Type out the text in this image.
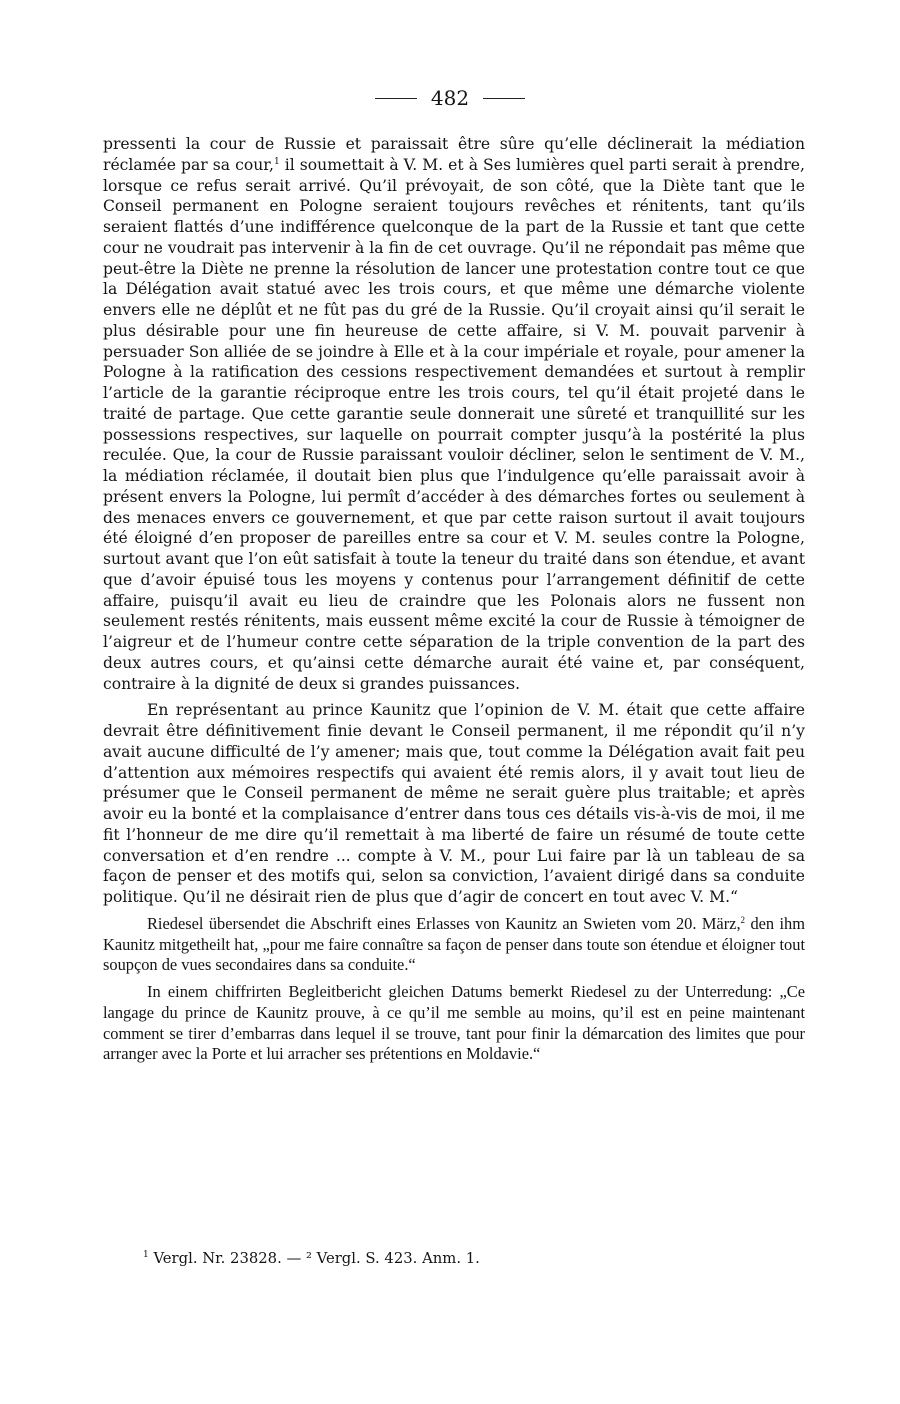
482

pressenti la cour de Russie et paraissait être sûre qu’elle déclinerait la médiation réclamée par sa cour,$^1$ il soumettait à V. M. et à Ses lumières quel parti serait à prendre, lorsque ce refus serait arrivé. Qu’il prévoyait, de son côté, que la Diète tant que le Conseil permanent en Pologne seraient toujours revêches et rénitents, tant qu’ils seraient flattés d’une indifférence quelconque de la part de la Russie et tant que cette cour ne voudrait pas intervenir à la fin de cet ouvrage. Qu’il ne répondait pas même que peut-être la Diète ne prenne la résolution de lancer une protestation contre tout ce que la Délégation avait statué avec les trois cours, et que même une démarche violente envers elle ne déplût et ne fût pas du gré de la Russie. Qu’il croyait ainsi qu’il serait le plus désirable pour une fin heureuse de cette affaire, si V. M. pouvait parvenir à persuader Son alliée de se joindre à Elle et à la cour impériale et royale, pour amener la Pologne à la ratification des cessions respectivement demandées et surtout à remplir l’article de la garantie réciproque entre les trois cours, tel qu’il était projeté dans le traité de partage. Que cette garantie seule donnerait une sûreté et tranquillité sur les possessions respectives, sur laquelle on pourrait compter jusqu’à la postérité la plus reculée. Que, la cour de Russie paraissant vouloir décliner, selon le sentiment de V. M., la médiation réclamée, il doutait bien plus que l’indulgence qu’elle paraissait avoir à présent envers la Pologne, lui permît d’accéder à des démarches fortes ou seulement à des menaces envers ce gouvernement, et que par cette raison surtout il avait toujours été éloigné d’en proposer de pareilles entre sa cour et V. M. seules contre la Pologne, surtout avant que l’on eût satisfait à toute la teneur du traité dans son étendue, et avant que d’avoir épuisé tous les moyens y contenus pour l’arrangement définitif de cette affaire, puisqu’il avait eu lieu de craindre que les Polonais alors ne fussent non seulement restés rénitents, mais eussent même excité la cour de Russie à témoigner de l’aigreur et de l’humeur contre cette séparation de la triple convention de la part des deux autres cours, et qu’ainsi cette démarche aurait été vaine et, par conséquent, contraire à la dignité de deux si grandes puissances.

En représentant au prince Kaunitz que l’opinion de V. M. était que cette affaire devrait être définitivement finie devant le Conseil permanent, il me répondit qu’il n’y avait aucune difficulté de l’y amener; mais que, tout comme la Délégation avait fait peu d’attention aux mémoires respectifs qui avaient été remis alors, il y avait tout lieu de présumer que le Conseil permanent de même ne serait guère plus traitable; et après avoir eu la bonté et la complaisance d’entrer dans tous ces détails vis-à-vis de moi, il me fit l’honneur de me dire qu’il remettait à ma liberté de faire un résumé de toute cette conversation et d’en rendre ... compte à V. M., pour Lui faire par là un tableau de sa façon de penser et des motifs qui, selon sa conviction, l’avaient dirigé dans sa conduite politique. Qu’il ne désirait rien de plus que d’agir de concert en tout avec V. M.“

Riedesel übersendet die Abschrift eines Erlasses von Kaunitz an Swieten vom 20. März,$^2$ den ihm Kaunitz mitgetheilt hat, „pour me faire connaître sa façon de penser dans toute son étendue et éloigner tout soupçon de vues secondaires dans sa conduite.“

In einem chiffrirten Begleitbericht gleichen Datums bemerkt Riedesel zu der Unterredung: „Ce langage du prince de Kaunitz prouve, à ce qu’il me semble au moins, qu’il est en peine maintenant comment se tirer d’embarras dans lequel il se trouve, tant pour finir la démarcation des limites que pour arranger avec la Porte et lui arracher ses prétentions en Moldavie.“

$^1$ Vergl. Nr. 23828. — ² Vergl. S. 423. Anm. 1.
